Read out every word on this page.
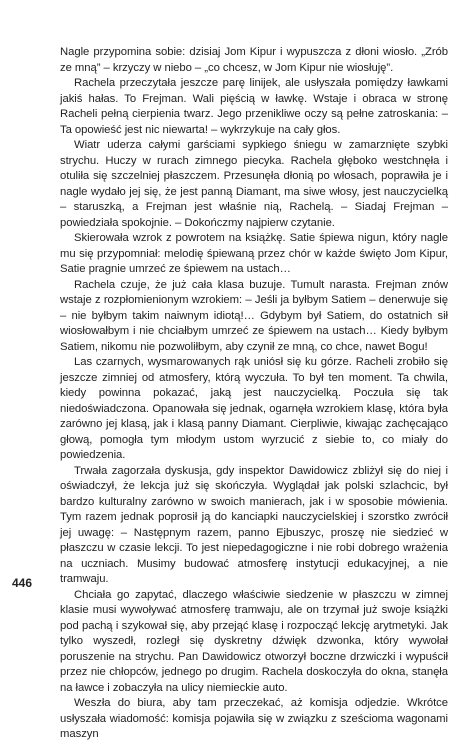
Nagle przypomina sobie: dzisiaj Jom Kipur i wypuszcza z dłoni wiosło. „Zrób ze mną” – krzyczy w niebo – „co chcesz, w Jom Kipur nie wiosłuję”.

Rachela przeczytała jeszcze parę linijek, ale usłyszała pomiędzy ławkami jakiś hałas. To Frejman. Wali pięścią w ławkę. Wstaje i obraca w stronę Racheli pełną cierpienia twarz. Jego przenikliwe oczy są pełne zatroskania: – Ta opowieść jest nic niewarta! – wykrzykuje na cały głos.

Wiatr uderza całymi garściami sypkiego śniegu w zamarznięte szybki strychu. Huczy w rurach zimnego piecyka. Rachela głęboko westchnęła i otuliła się szczelniej płaszczem. Przesunęła dłonią po włosach, poprawiła je i nagle wydało jej się, że jest panną Diamant, ma siwe włosy, jest nauczycielką – staruszką, a Frejman jest właśnie nią, Rachelą. – Siadaj Frejman – powiedziała spokojnie. – Dokończmy najpierw czytanie.

Skierowała wzrok z powrotem na książkę. Satie śpiewa nigun, który nagle mu się przypomniał: melodię śpiewaną przez chór w każde święto Jom Kipur, Satie pragnie umrzeć ze śpiewem na ustach…

Rachela czuje, że już cała klasa buzuje. Tumult narasta. Frejman znów wstaje z rozpłomienionym wzrokiem: – Jeśli ja byłbym Satiem – denerwuje się – nie byłbym takim naiwnym idiotą!… Gdybym był Satiem, do ostatnich sił wiosłowałbym i nie chciałbym umrzeć ze śpiewem na ustach… Kiedy byłbym Satiem, nikomu nie pozwoliłbym, aby czynił ze mną, co chce, nawet Bogu!

Las czarnych, wysmarowanych rąk uniósł się ku górze. Racheli zrobiło się jeszcze zimniej od atmosfery, którą wyczuła. To był ten moment. Ta chwila, kiedy powinna pokazać, jaką jest nauczycielką. Poczuła się tak niedoświadczona. Opanowała się jednak, ogarnęła wzrokiem klasę, która była zarówno jej klasą, jak i klasą panny Diamant. Cierpliwie, kiwając zachęcająco głową, pomogła tym młodym ustom wyrzucić z siebie to, co miały do powiedzenia.

Trwała zagorzała dyskusja, gdy inspektor Dawidowicz zbliżył się do niej i oświadczył, że lekcja już się skończyła. Wyglądał jak polski szlachcic, był bardzo kulturalny zarówno w swoich manierach, jak i w sposobie mówienia. Tym razem jednak poprosił ją do kanciapki nauczycielskiej i szorstko zwrócił jej uwagę: – Następnym razem, panno Ejbuszyc, proszę nie siedzieć w płaszczu w czasie lekcji. To jest niepedagogiczne i nie robi dobrego wrażenia na uczniach. Musimy budować atmosferę instytucji edukacyjnej, a nie tramwaju.

Chciała go zapytać, dlaczego właściwie siedzenie w płaszczu w zimnej klasie musi wywoływać atmosferę tramwaju, ale on trzymał już swoje książki pod pachą i szykował się, aby przejąć klasę i rozpocząć lekcję arytmetyki. Jak tylko wyszedł, rozległ się dyskretny dźwięk dzwonka, który wywołał poruszenie na strychu. Pan Dawidowicz otworzył boczne drzwiczki i wypuścił przez nie chłopców, jednego po drugim. Rachela doskoczyła do okna, stanęła na ławce i zobaczyła na ulicy niemieckie auto.

Weszła do biura, aby tam przeczekać, aż komisja odjedzie. Wkrótce usłyszała wiadomość: komisja pojawiła się w związku z sześcioma wagonami maszyn

446
